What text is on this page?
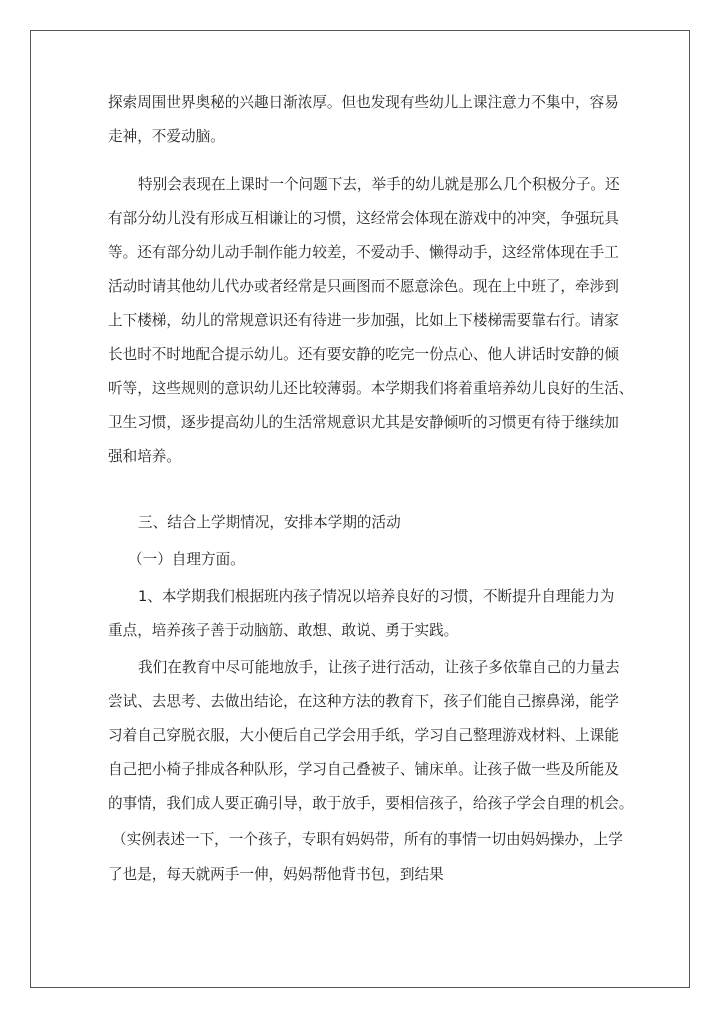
探索周围世界奥秘的兴趣日渐浓厚。但也发现有些幼儿上课注意力不集中，容易
走神，不爱动脑。
特别会表现在上课时一个问题下去，举手的幼儿就是那么几个积极分子。还
有部分幼儿没有形成互相谦让的习惯，这经常会体现在游戏中的冲突，争强玩具
等。还有部分幼儿动手制作能力较差，不爱动手、懒得动手，这经常体现在手工
活动时请其他幼儿代办或者经常是只画图而不愿意涂色。现在上中班了，牵涉到
上下楼梯，幼儿的常规意识还有待进一步加强，比如上下楼梯需要靠右行。请家
长也时不时地配合提示幼儿。还有要安静的吃完一份点心、他人讲话时安静的倾
听等，这些规则的意识幼儿还比较薄弱。本学期我们将着重培养幼儿良好的生活、
卫生习惯，逐步提高幼儿的生活常规意识尤其是安静倾听的习惯更有待于继续加
强和培养。
三、结合上学期情况，安排本学期的活动
（一）自理方面。
1、本学期我们根据班内孩子情况以培养良好的习惯，不断提升自理能力为
重点，培养孩子善于动脑筋、敢想、敢说、勇于实践。
我们在教育中尽可能地放手，让孩子进行活动，让孩子多依靠自己的力量去
尝试、去思考、去做出结论，在这种方法的教育下，孩子们能自己擦鼻涕，能学
习着自己穿脱衣服，大小便后自己学会用手纸，学习自己整理游戏材料、上课能
自己把小椅子排成各种队形，学习自己叠被子、铺床单。让孩子做一些及所能及
的事情，我们成人要正确引导，敢于放手，要相信孩子，给孩子学会自理的机会。
（实例表述一下，一个孩子，专职有妈妈带，所有的事情一切由妈妈操办，上学
了也是，每天就两手一伸，妈妈帮他背书包，到结果
